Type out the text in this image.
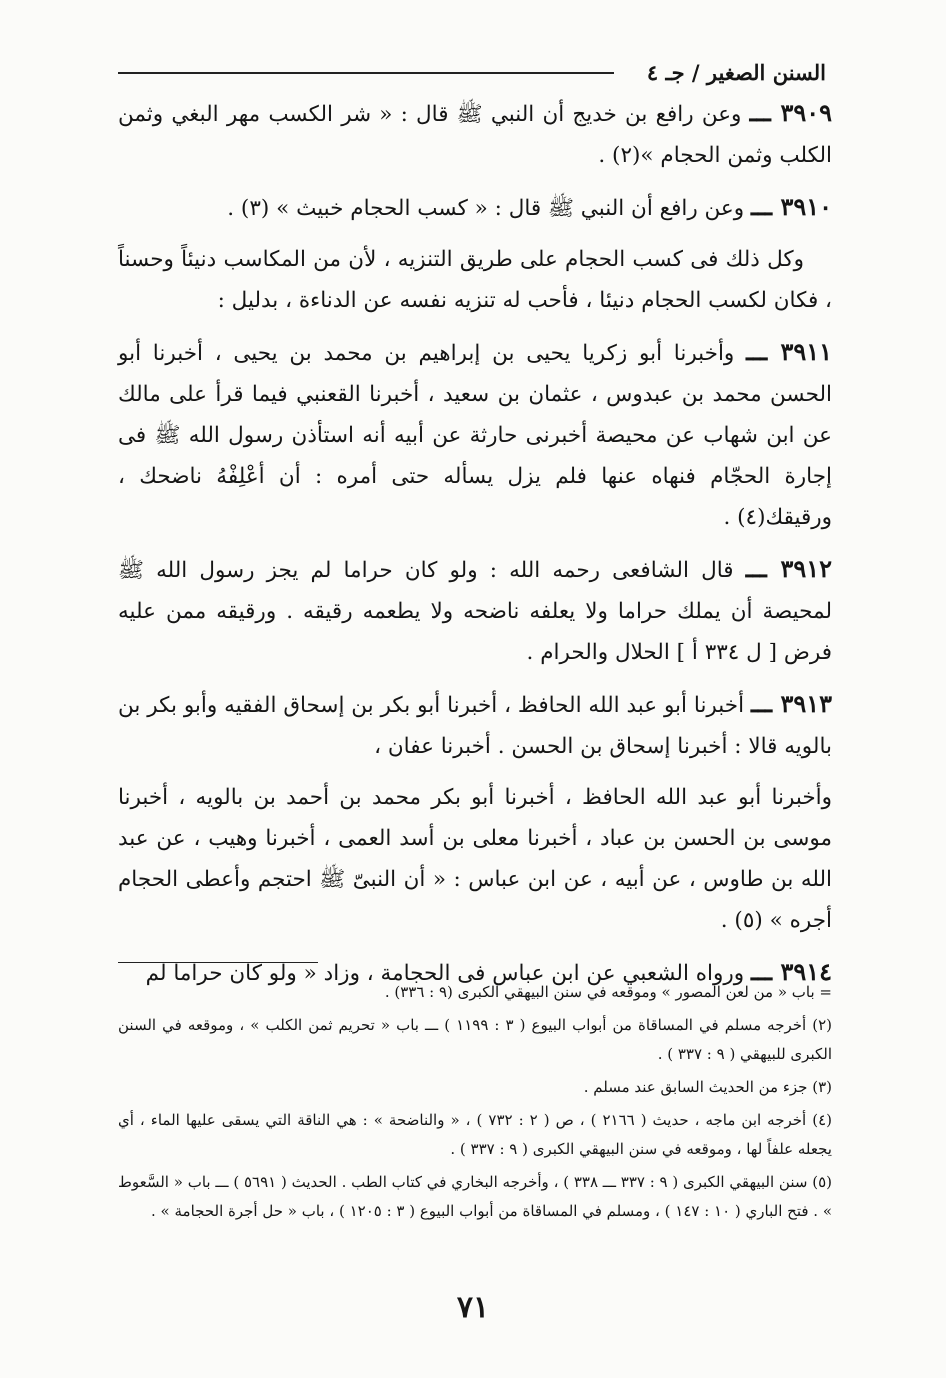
السنن الصغير / جـ ٤

٣٩٠٩ ـــ وعن رافع بن خديج أن النبي ﷺ قال : « شر الكسب مهر البغي وثمن الكلب وثمن الحجام »(٢) .

٣٩١٠ ـــ وعن رافع أن النبي ﷺ قال : « كسب الحجام خبيث » (٣) .

وكل ذلك فى كسب الحجام على طريق التنزيه ، لأن من المكاسب دنيئاً وحسناً ، فكان لكسب الحجام دنيئا ، فأحب له تنزيه نفسه عن الدناءة ، بدليل :

٣٩١١ ـــ وأخبرنا أبو زكريا يحيى بن إبراهيم بن محمد بن يحيى ، أخبرنا أبو الحسن محمد بن عبدوس ، عثمان بن سعيد ، أخبرنا القعنبي فيما قرأ على مالك عن ابن شهاب عن محيصة أخبرنى حارثة عن أبيه أنه استأذن رسول الله ﷺ فى إجارة الحجّام فنهاه عنها فلم يزل يسأله حتى أمره : أن أعْلِفْهُ ناضحك ، ورقيقك(٤) .

٣٩١٢ ـــ قال الشافعى رحمه الله : ولو كان حراما لم يجز رسول الله ﷺ لمحيصة أن يملك حراما ولا يعلفه ناضحه ولا يطعمه رقيقه . ورقيقه ممن عليه فرض [ ل ٣٣٤ أ ] الحلال والحرام .

٣٩١٣ ـــ أخبرنا أبو عبد الله الحافظ ، أخبرنا أبو بكر بن إسحاق الفقيه وأبو بكر بن بالويه قالا : أخبرنا إسحاق بن الحسن . أخبرنا عفان ،

وأخبرنا أبو عبد الله الحافظ ، أخبرنا أبو بكر محمد بن أحمد بن بالويه ، أخبرنا موسى بن الحسن بن عباد ، أخبرنا معلى بن أسد العمى ، أخبرنا وهيب ، عن عبد الله بن طاوس ، عن أبيه ، عن ابن عباس : « أن النبىّ ﷺ احتجم وأعطى الحجام أجره » (٥) .

٣٩١٤ ـــ ورواه الشعبي عن ابن عباس فى الحجامة ، وزاد « ولو كان حراما لم

= باب « من لعن المصور » وموقعه في سنن البيهقي الكبرى (٩ : ٣٣٦) .

(٢) أخرجه مسلم في المساقاة من أبواب البيوع ( ٣ : ١١٩٩ ) ـــ باب « تحريم ثمن الكلب » ، وموقعه في السنن الكبرى للبيهقي ( ٩ : ٣٣٧ ) .

(٣) جزء من الحديث السابق عند مسلم .

(٤) أخرجه ابن ماجه ، حديث ( ٢١٦٦ ) ، ص ( ٢ : ٧٣٢ ) ، « والناضحة » : هي الناقة التي يسقى عليها الماء ، أي يجعله علفاً لها ، وموقعه في سنن البيهقي الكبرى ( ٩ : ٣٣٧ ) .

(٥) سنن البيهقي الكبرى ( ٩ : ٣٣٧ ـــ ٣٣٨ ) ، وأخرجه البخاري في كتاب الطب . الحديث ( ٥٦٩١ ) ـــ باب « السَّعوط » . فتح الباري ( ١٠ : ١٤٧ ) ، ومسلم في المساقاة من أبواب البيوع ( ٣ : ١٢٠٥ ) ، باب « حل أجرة الحجامة » .

٧١
